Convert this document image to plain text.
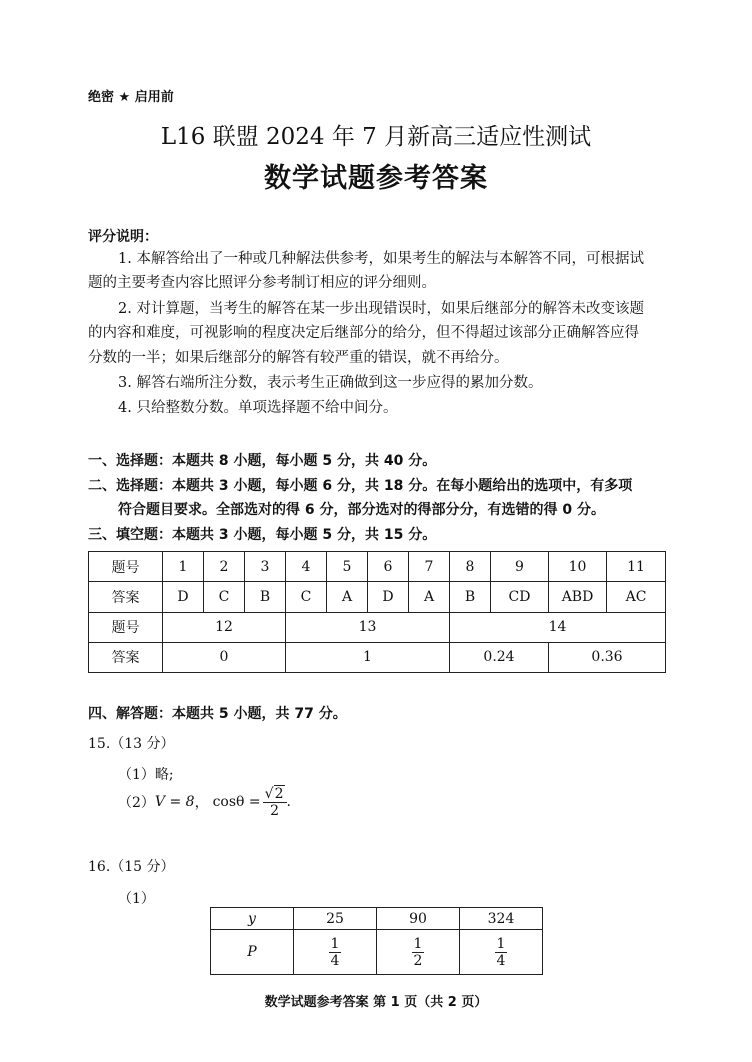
绝密 ★ 启用前
L16 联盟 2024 年 7 月新高三适应性测试
数学试题参考答案
评分说明：
1. 本解答给出了一种或几种解法供参考，如果考生的解法与本解答不同，可根据试
题的主要考查内容比照评分参考制订相应的评分细则。
2. 对计算题，当考生的解答在某一步出现错误时，如果后继部分的解答未改变该题
的内容和难度，可视影响的程度决定后继部分的给分，但不得超过该部分正确解答应得
分数的一半；如果后继部分的解答有较严重的错误，就不再给分。
3. 解答右端所注分数，表示考生正确做到这一步应得的累加分数。
4. 只给整数分数。单项选择题不给中间分。
一、选择题：本题共 8 小题，每小题 5 分，共 40 分。
二、选择题：本题共 3 小题，每小题 6 分，共 18 分。在每小题给出的选项中，有多项
符合题目要求。全部选对的得 6 分，部分选对的得部分分，有选错的得 0 分。
三、填空题：本题共 3 小题，每小题 5 分，共 15 分。
题号	1	2	3	4	5	6	7	8	9	10	11
答案	D	C	B	C	A	D	A	B	CD	ABD	AC
题号	12			13				14			
答案	0			1				0.24		0.36	
四、解答题：本题共 5 小题，共 77 分。
15.（13 分）
（1）略;
（2） V = 8 ， $\cos\theta = \frac{√2}{2}$ .
16.（15 分）
（1）
y	25	90	324
P	$\frac{1}{4}$	$\frac{1}{2}$	$\frac{1}{4}$
数学试题参考答案 第 1 页（共 2 页）
